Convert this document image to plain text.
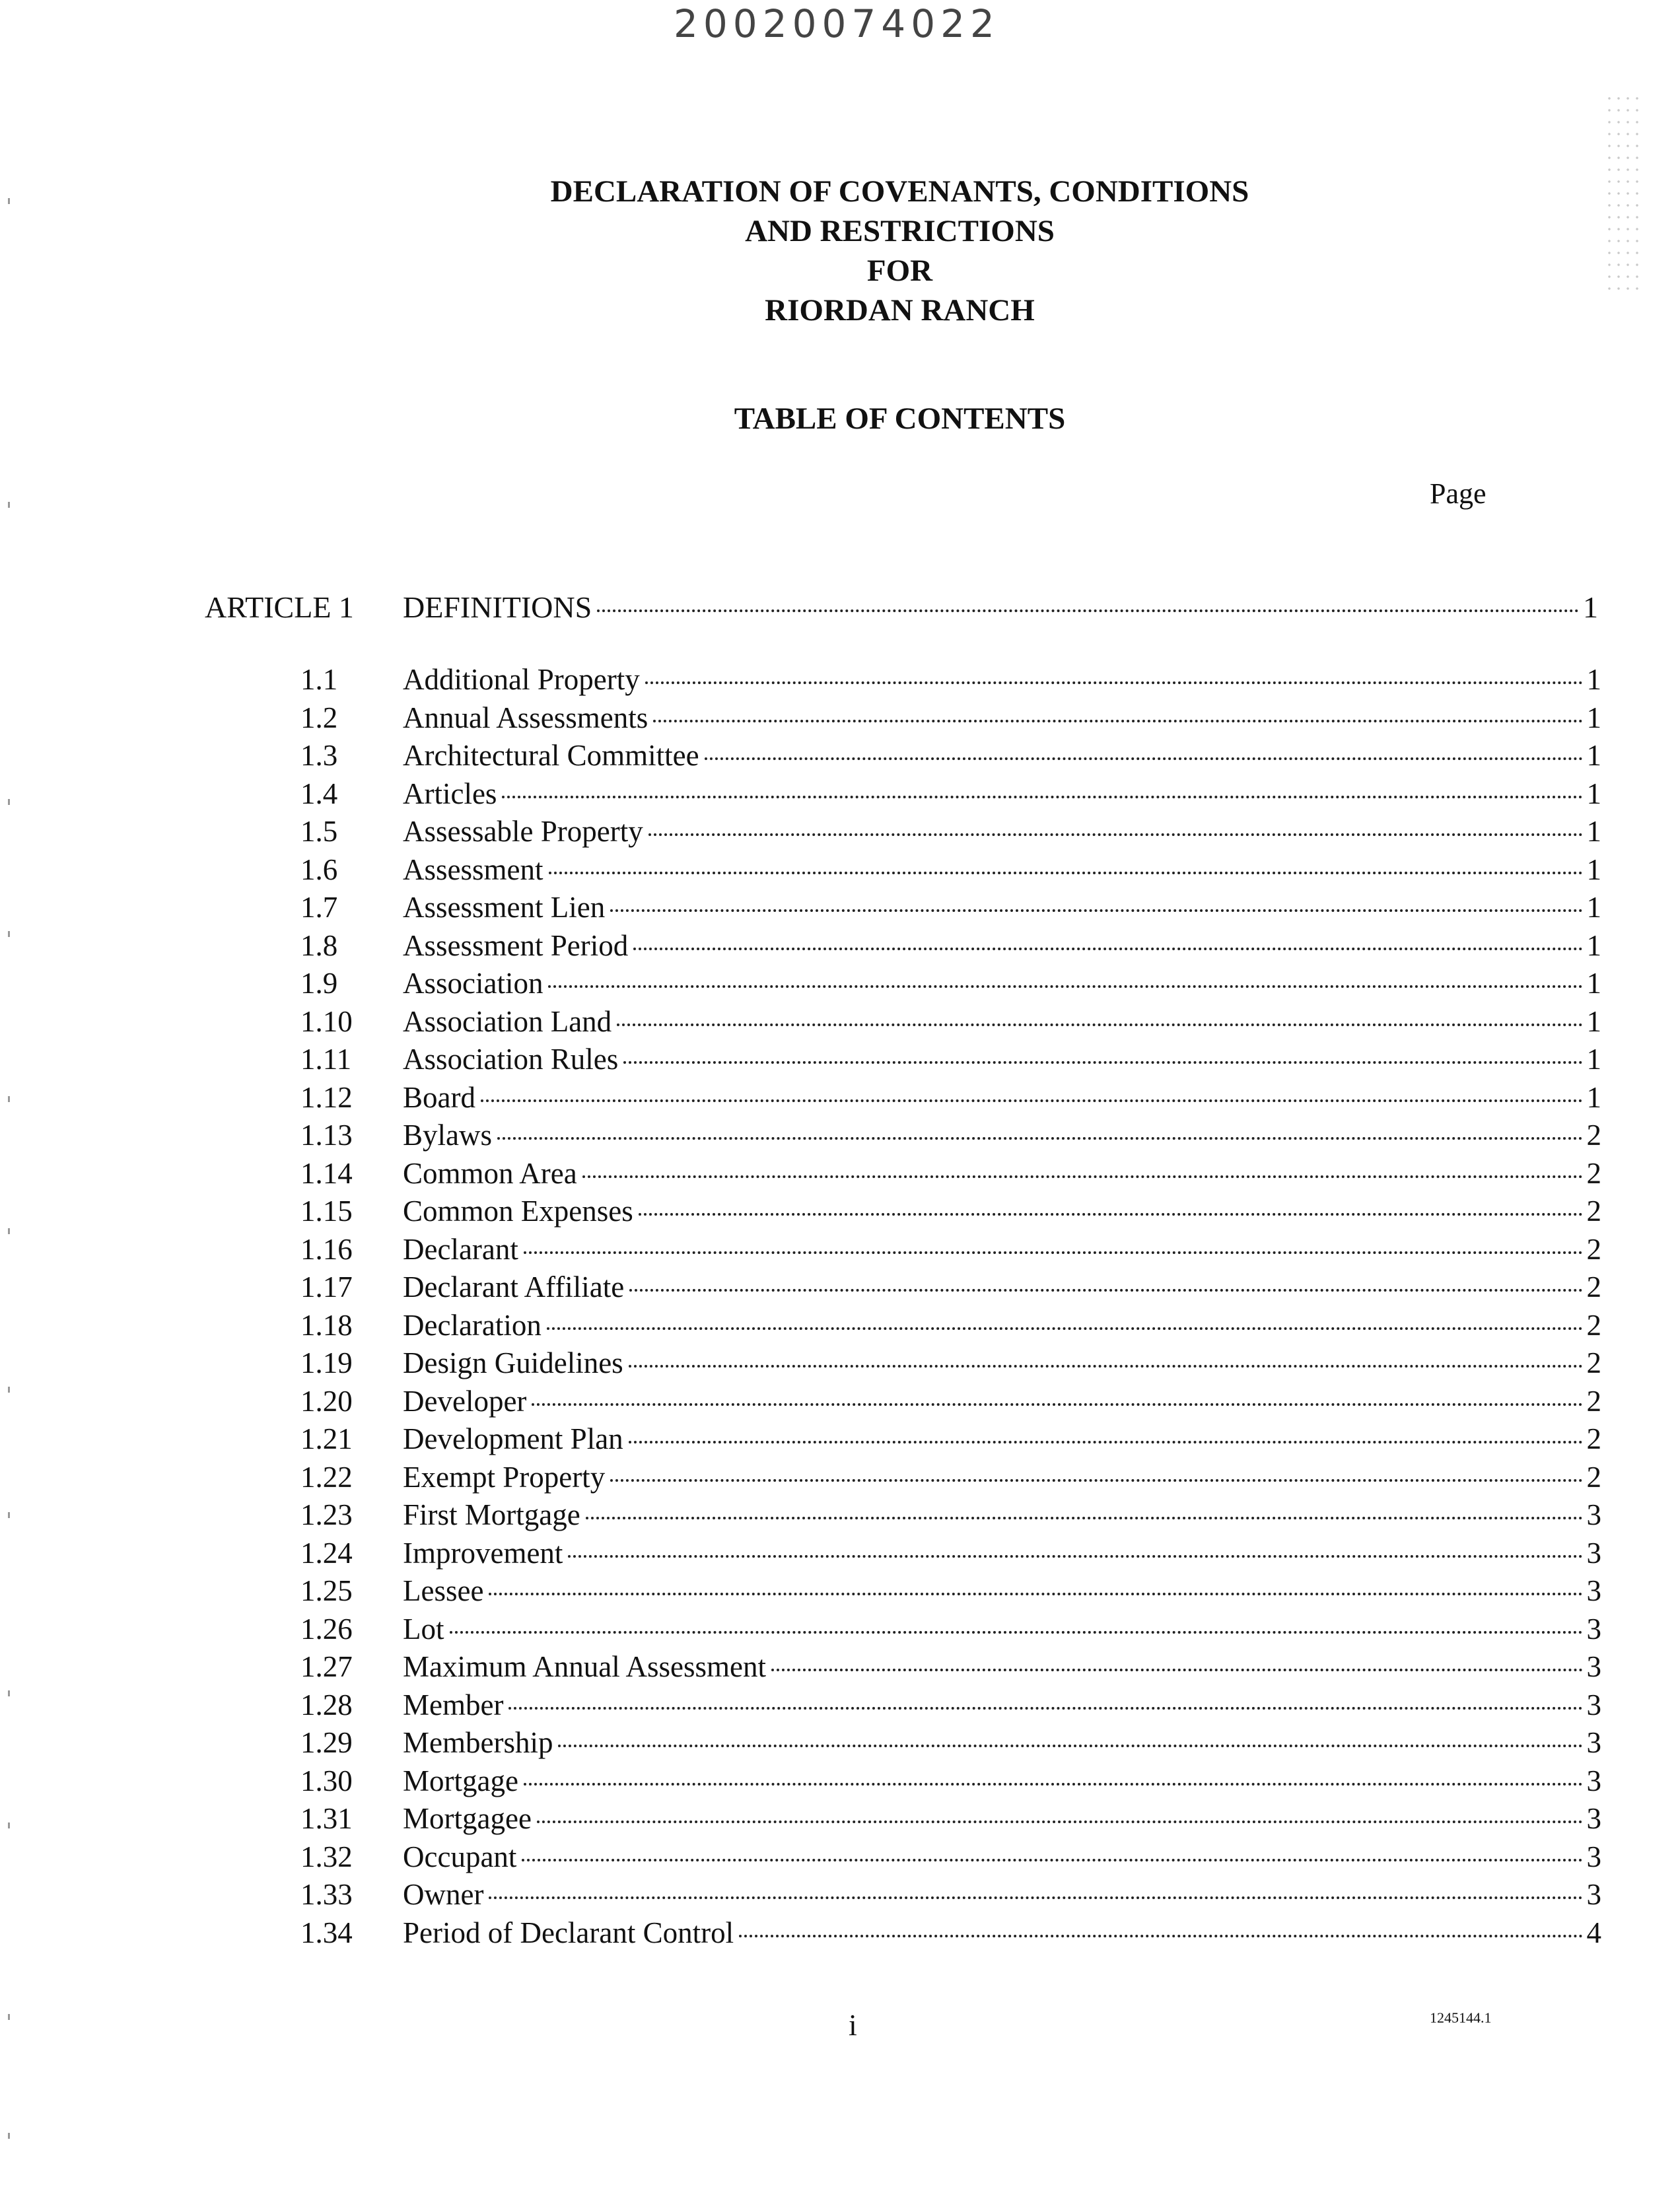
20020074022
DECLARATION OF COVENANTS, CONDITIONS
AND RESTRICTIONS
FOR
RIORDAN RANCH
TABLE OF CONTENTS
Page
ARTICLE 1 DEFINITIONS	1
1.1 Additional Property	1
1.2 Annual Assessments	1
1.3 Architectural Committee	1
1.4 Articles	1
1.5 Assessable Property	1
1.6 Assessment	1
1.7 Assessment Lien	1
1.8 Assessment Period	1
1.9 Association	1
1.10 Association Land	1
1.11 Association Rules	1
1.12 Board	1
1.13 Bylaws	2
1.14 Common Area	2
1.15 Common Expenses	2
1.16 Declarant	2
1.17 Declarant Affiliate	2
1.18 Declaration	2
1.19 Design Guidelines	2
1.20 Developer	2
1.21 Development Plan	2
1.22 Exempt Property	2
1.23 First Mortgage	3
1.24 Improvement	3
1.25 Lessee	3
1.26 Lot	3
1.27 Maximum Annual Assessment	3
1.28 Member	3
1.29 Membership	3
1.30 Mortgage	3
1.31 Mortgagee	3
1.32 Occupant	3
1.33 Owner	3
1.34 Period of Declarant Control	4
i	1245144.1
